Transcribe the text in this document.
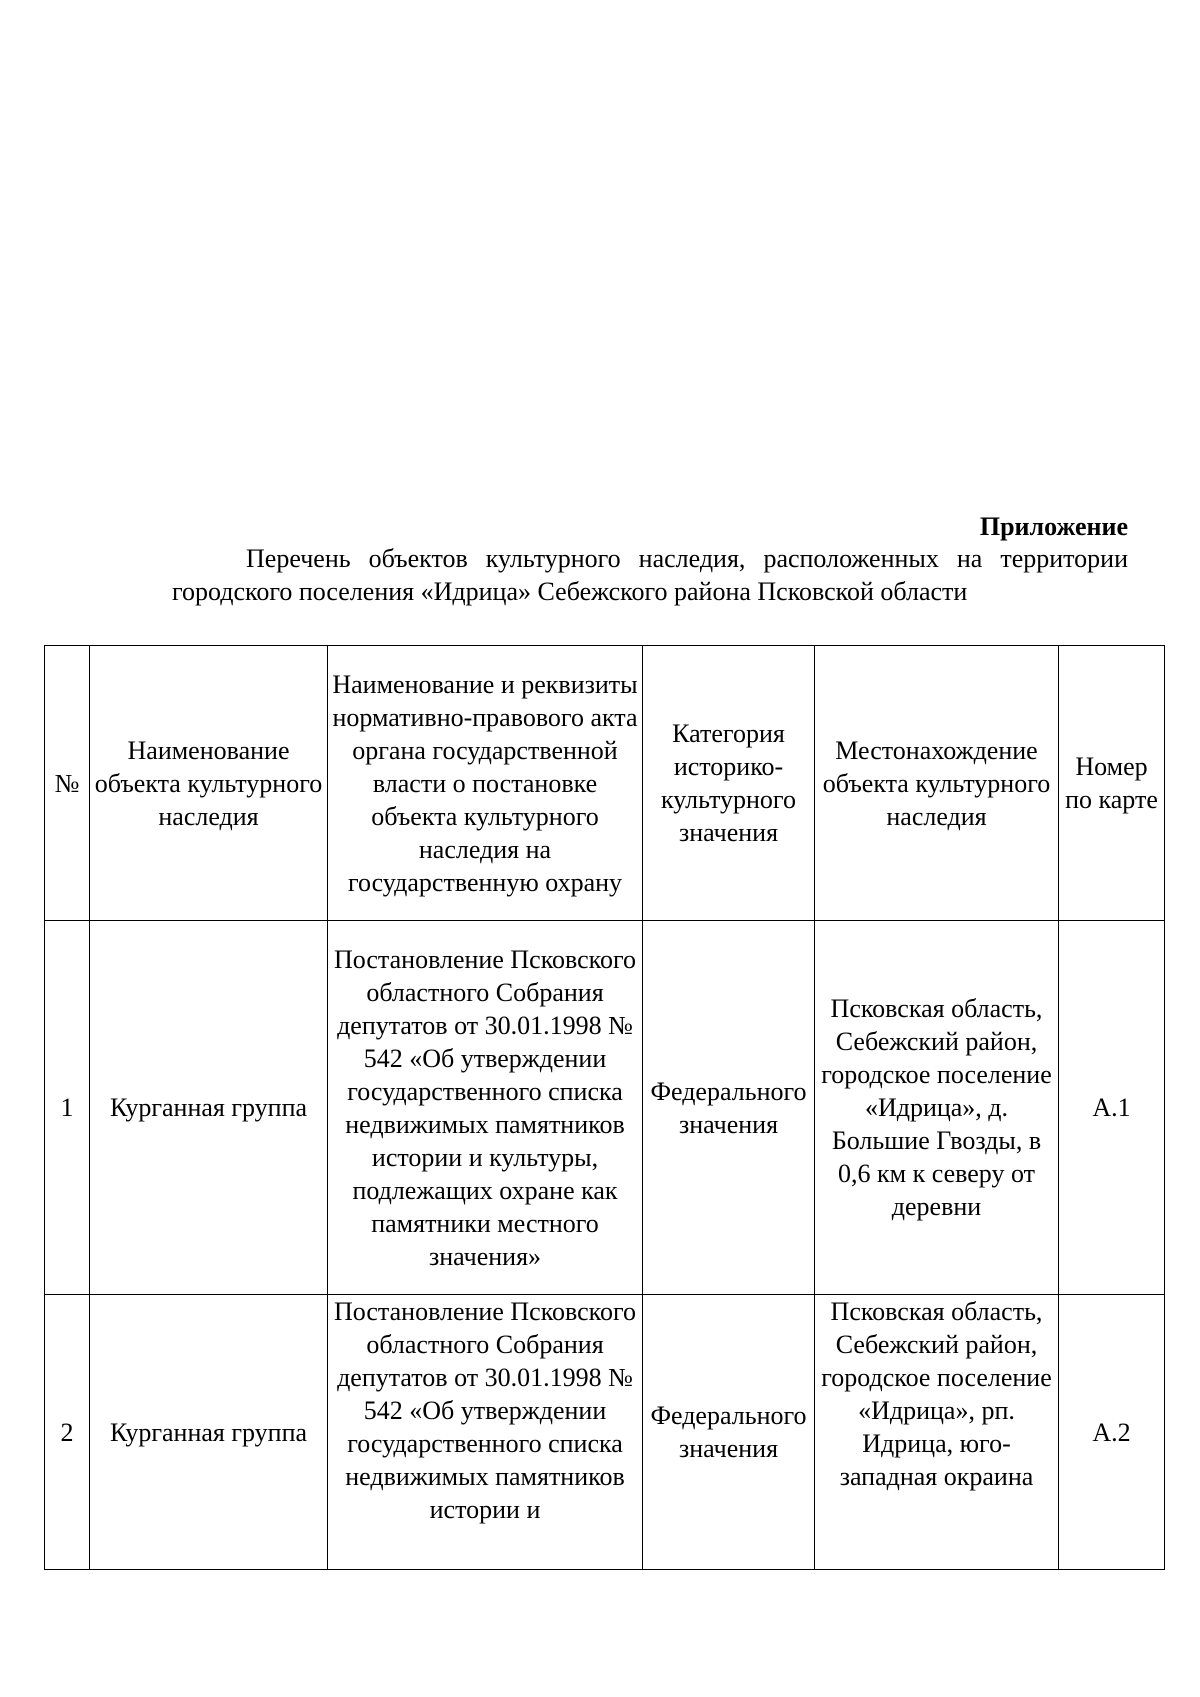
Приложение

Перечень объектов культурного наследия, расположенных на территории городского поселения «Идрица» Себежского района Псковской области

№	Наименование объекта культурного наследия	Наименование и реквизиты нормативно-правового акта органа государственной власти о постановке объекта культурного наследия на государственную охрану	Категория историко-культурного значения	Местонахождение объекта культурного наследия	Номер по карте
1	Курганная группа	Постановление Псковского областного Собрания депутатов от 30.01.1998 № 542 «Об утверждении государственного списка недвижимых памятников истории и культуры, подлежащих охране как памятники местного значения»	Федерального значения	Псковская область, Себежский район, городское поселение «Идрица», д. Большие Гвозды, в 0,6 км к северу от деревни	А.1
2	Курганная группа	Постановление Псковского областного Собрания депутатов от 30.01.1998 № 542 «Об утверждении государственного списка недвижимых памятников истории и	Федерального значения	Псковская область, Себежский район, городское поселение «Идрица», рп. Идрица, юго-западная окраина	А.2
